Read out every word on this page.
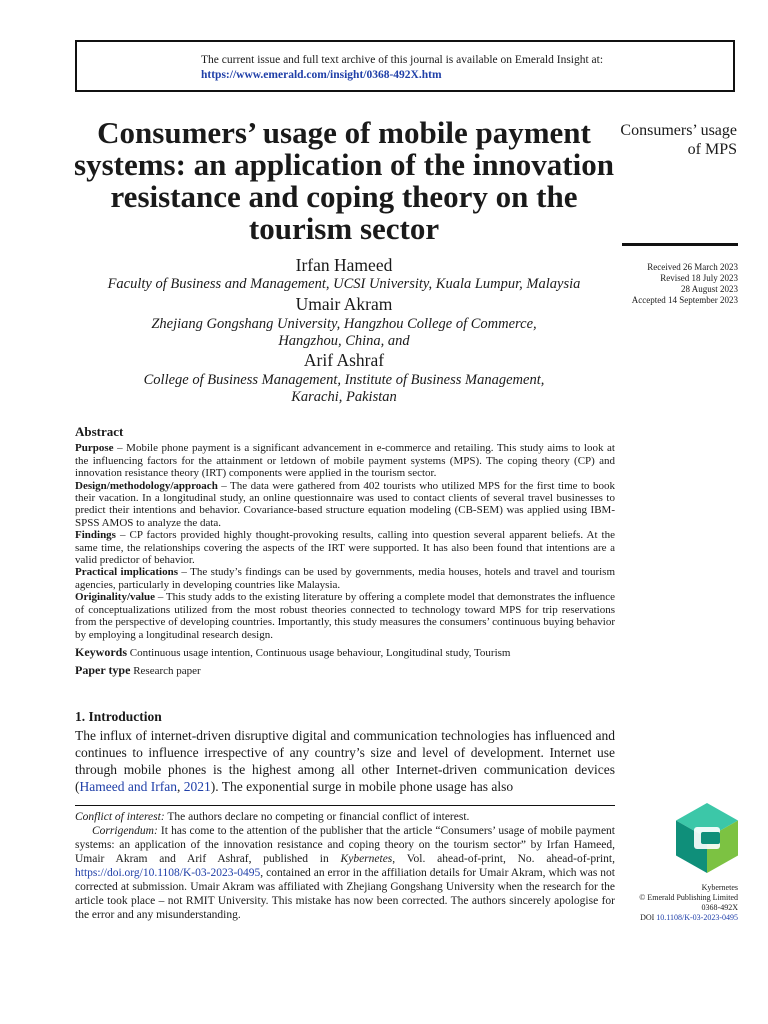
The current issue and full text archive of this journal is available on Emerald Insight at:
https://www.emerald.com/insight/0368-492X.htm
Consumers’ usage of mobile payment systems: an application of the innovation resistance and coping theory on the tourism sector
Consumers’ usage of MPS
Received 26 March 2023
Revised 18 July 2023
28 August 2023
Accepted 14 September 2023
Irfan Hameed
Faculty of Business and Management, UCSI University, Kuala Lumpur, Malaysia
Umair Akram
Zhejiang Gongshang University, Hangzhou College of Commerce,
Hangzhou, China, and
Arif Ashraf
College of Business Management, Institute of Business Management,
Karachi, Pakistan
Abstract

Purpose – Mobile phone payment is a significant advancement in e-commerce and retailing. This study aims to look at the influencing factors for the attainment or letdown of mobile payment systems (MPS). The coping theory (CP) and innovation resistance theory (IRT) components were applied in the tourism sector.

Design/methodology/approach – The data were gathered from 402 tourists who utilized MPS for the first time to book their vacation. In a longitudinal study, an online questionnaire was used to contact clients of several travel businesses to predict their intentions and behavior. Covariance-based structure equation modeling (CB-SEM) was applied using IBM-SPSS AMOS to analyze the data.

Findings – CP factors provided highly thought-provoking results, calling into question several apparent beliefs. At the same time, the relationships covering the aspects of the IRT were supported. It has also been found that intentions are a valid predictor of behavior.

Practical implications – The study’s findings can be used by governments, media houses, hotels and travel and tourism agencies, particularly in developing countries like Malaysia.

Originality/value – This study adds to the existing literature by offering a complete model that demonstrates the influence of conceptualizations utilized from the most robust theories connected to technology toward MPS for trip reservations from the perspective of developing countries. Importantly, this study measures the consumers’ continuous buying behavior by employing a longitudinal research design.

Keywords Continuous usage intention, Continuous usage behaviour, Longitudinal study, Tourism

Paper type Research paper

1. Introduction

The influx of internet-driven disruptive digital and communication technologies has influenced and continues to influence irrespective of any country’s size and level of development. Internet use through mobile phones is the highest among all other Internet-driven communication devices (Hameed and Irfan, 2021). The exponential surge in mobile phone usage has also

Conflict of interest: The authors declare no competing or financial conflict of interest.

Corrigendum: It has come to the attention of the publisher that the article “Consumers’ usage of mobile payment systems: an application of the innovation resistance and coping theory on the tourism sector” by Irfan Hameed, Umair Akram and Arif Ashraf, published in Kybernetes, Vol. ahead-of-print, No. ahead-of-print, https://doi.org/10.1108/K-03-2023-0495, contained an error in the affiliation details for Umair Akram, which was not corrected at submission. Umair Akram was affiliated with Zhejiang Gongshang University when the research for the article took place – not RMIT University. This mistake has now been corrected. The authors sincerely apologise for the error and any misunderstanding.

Kybernetes
© Emerald Publishing Limited
0368-492X
DOI 10.1108/K-03-2023-0495
